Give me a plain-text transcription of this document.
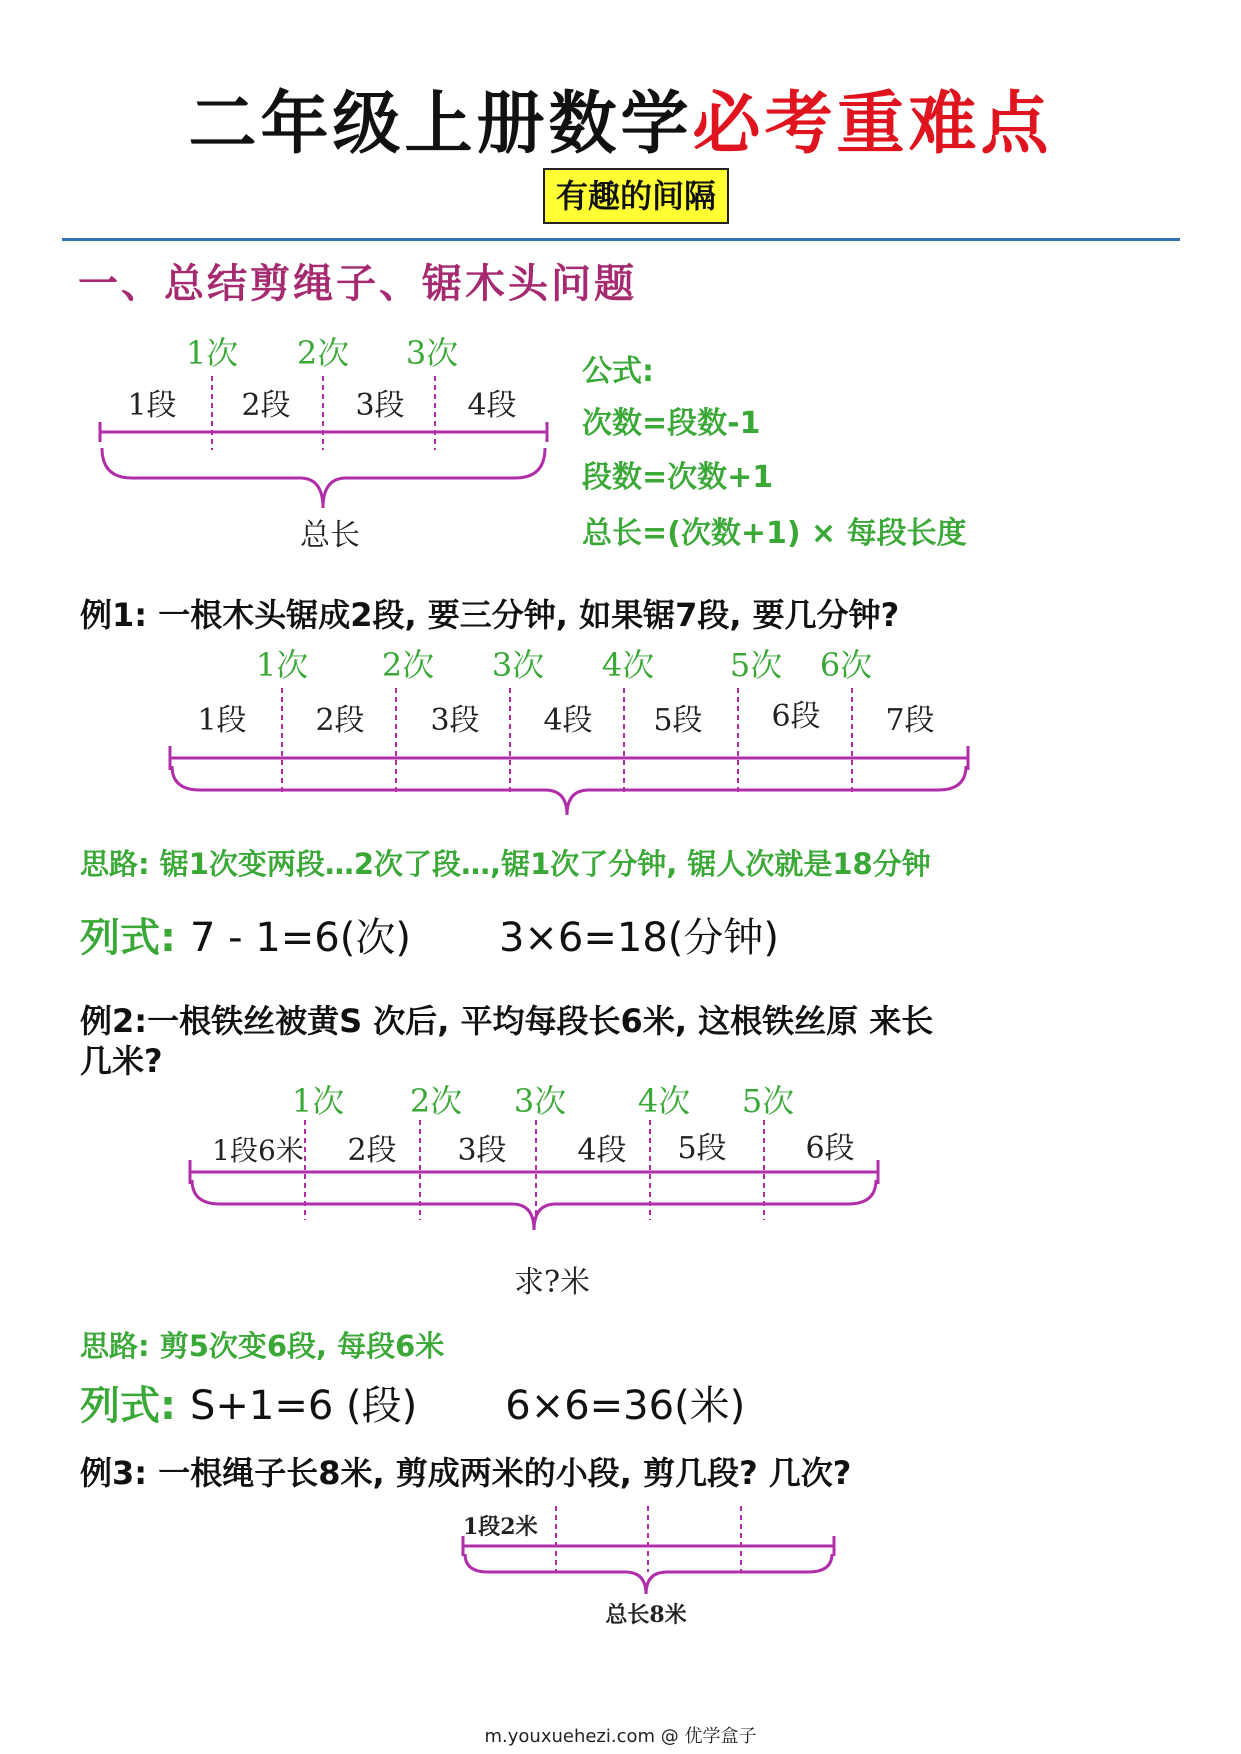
二年级上册数学必考重难点
有趣的间隔
一、总结剪绳子、锯木头问题
1次 2次 3次
1段 2段 3段 4段
总长
公式:
次数=段数-1
段数=次数+1
总长=(次数+1) × 每段长度
例1: 一根木头锯成2段, 要三分钟, 如果锯7段, 要几分钟?
1次 2次 3次 4次 5次 6次
1段 2段 3段 4段 5段 6段 7段
思路: 锯1次变两段…2次了段…,锯1次了分钟, 锯人次就是18分钟
列式: 7 - 1=6(次) 3×6=18(分钟)
例2:一根铁丝被黄S 次后, 平均每段长6米, 这根铁丝原 来长
几米?
1次 2次 3次 4次 5次
1段6米 2段 3段 4段 5段	6段
求?米
思路: 剪5次变6段, 每段6米
列式: S+1=6 (段) 6×6=36(米)
例3: 一根绳子长8米, 剪成两米的小段, 剪几段? 几次?
1段2米
总长8米
m.youxuehezi.com @ 优学盒子
